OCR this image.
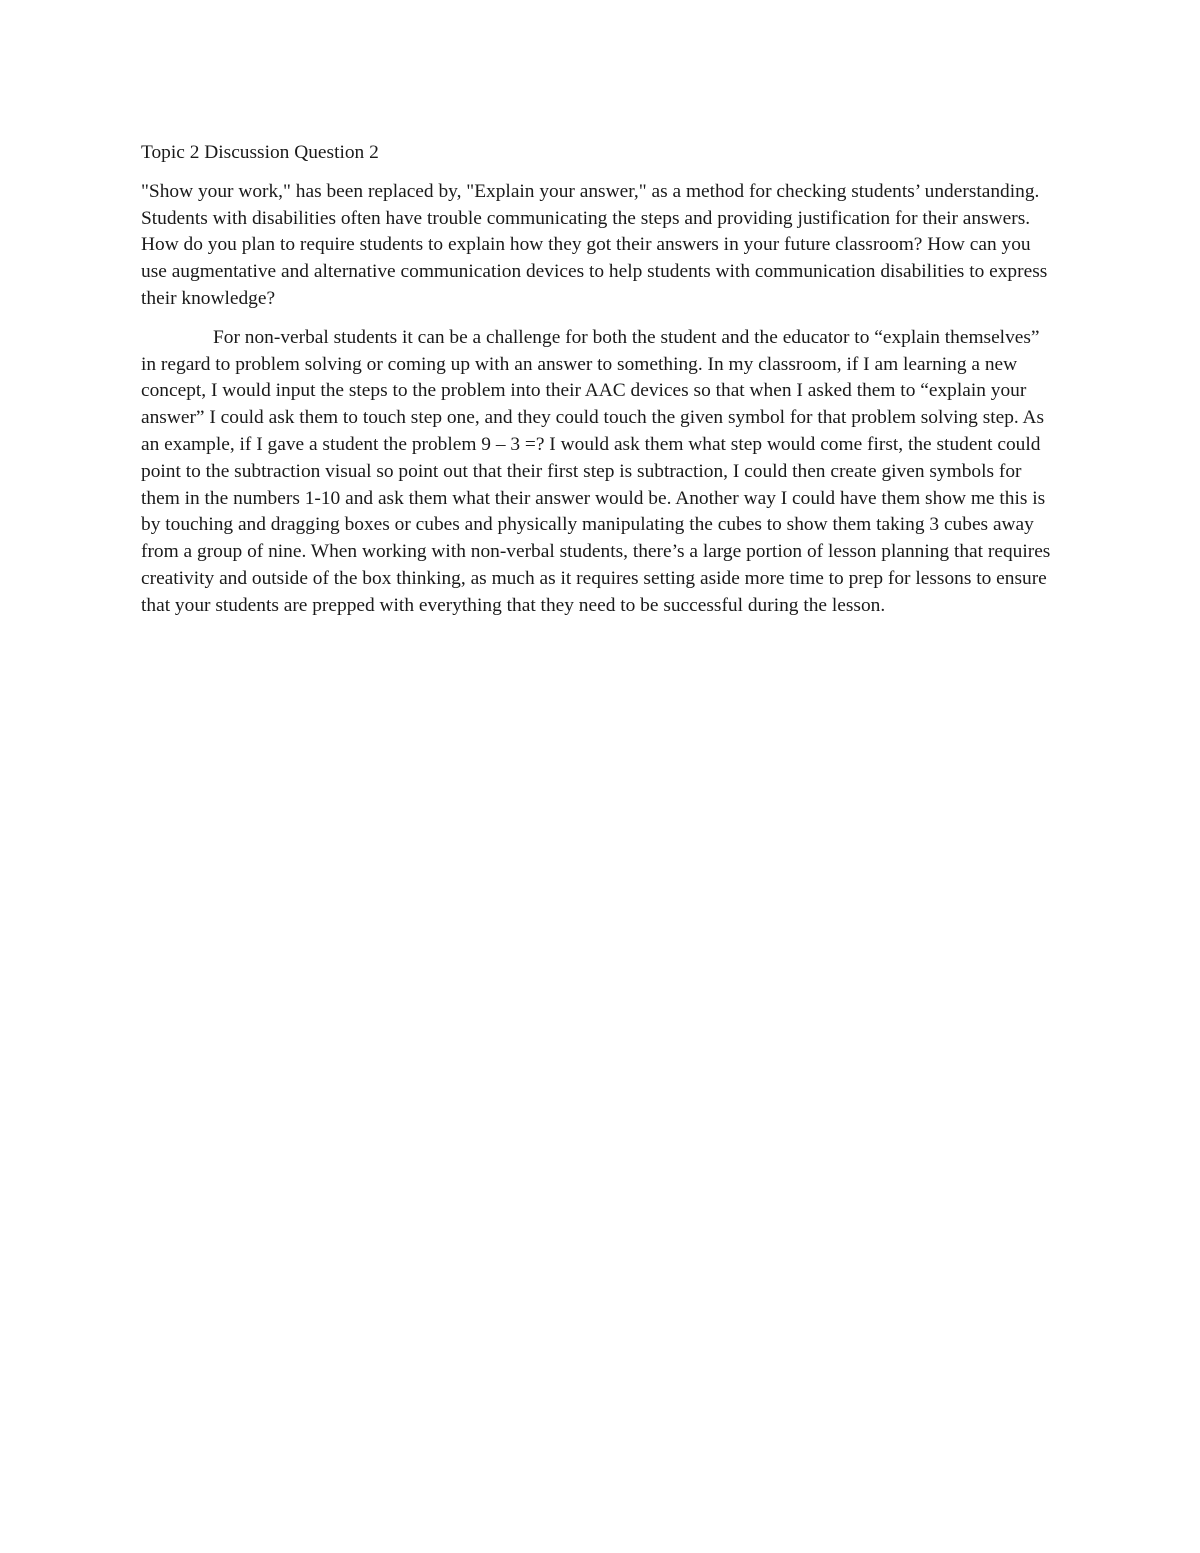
Topic 2 Discussion Question 2

"Show your work," has been replaced by, "Explain your answer," as a method for checking students’ understanding. Students with disabilities often have trouble communicating the steps and providing justification for their answers. How do you plan to require students to explain how they got their answers in your future classroom? How can you use augmentative and alternative communication devices to help students with communication disabilities to express their knowledge?

For non-verbal students it can be a challenge for both the student and the educator to “explain themselves” in regard to problem solving or coming up with an answer to something. In my classroom, if I am learning a new concept, I would input the steps to the problem into their AAC devices so that when I asked them to “explain your answer” I could ask them to touch step one, and they could touch the given symbol for that problem solving step. As an example, if I gave a student the problem 9 – 3 =? I would ask them what step would come first, the student could point to the subtraction visual so point out that their first step is subtraction, I could then create given symbols for them in the numbers 1-10 and ask them what their answer would be. Another way I could have them show me this is by touching and dragging boxes or cubes and physically manipulating the cubes to show them taking 3 cubes away from a group of nine. When working with non-verbal students, there’s a large portion of lesson planning that requires creativity and outside of the box thinking, as much as it requires setting aside more time to prep for lessons to ensure that your students are prepped with everything that they need to be successful during the lesson.
